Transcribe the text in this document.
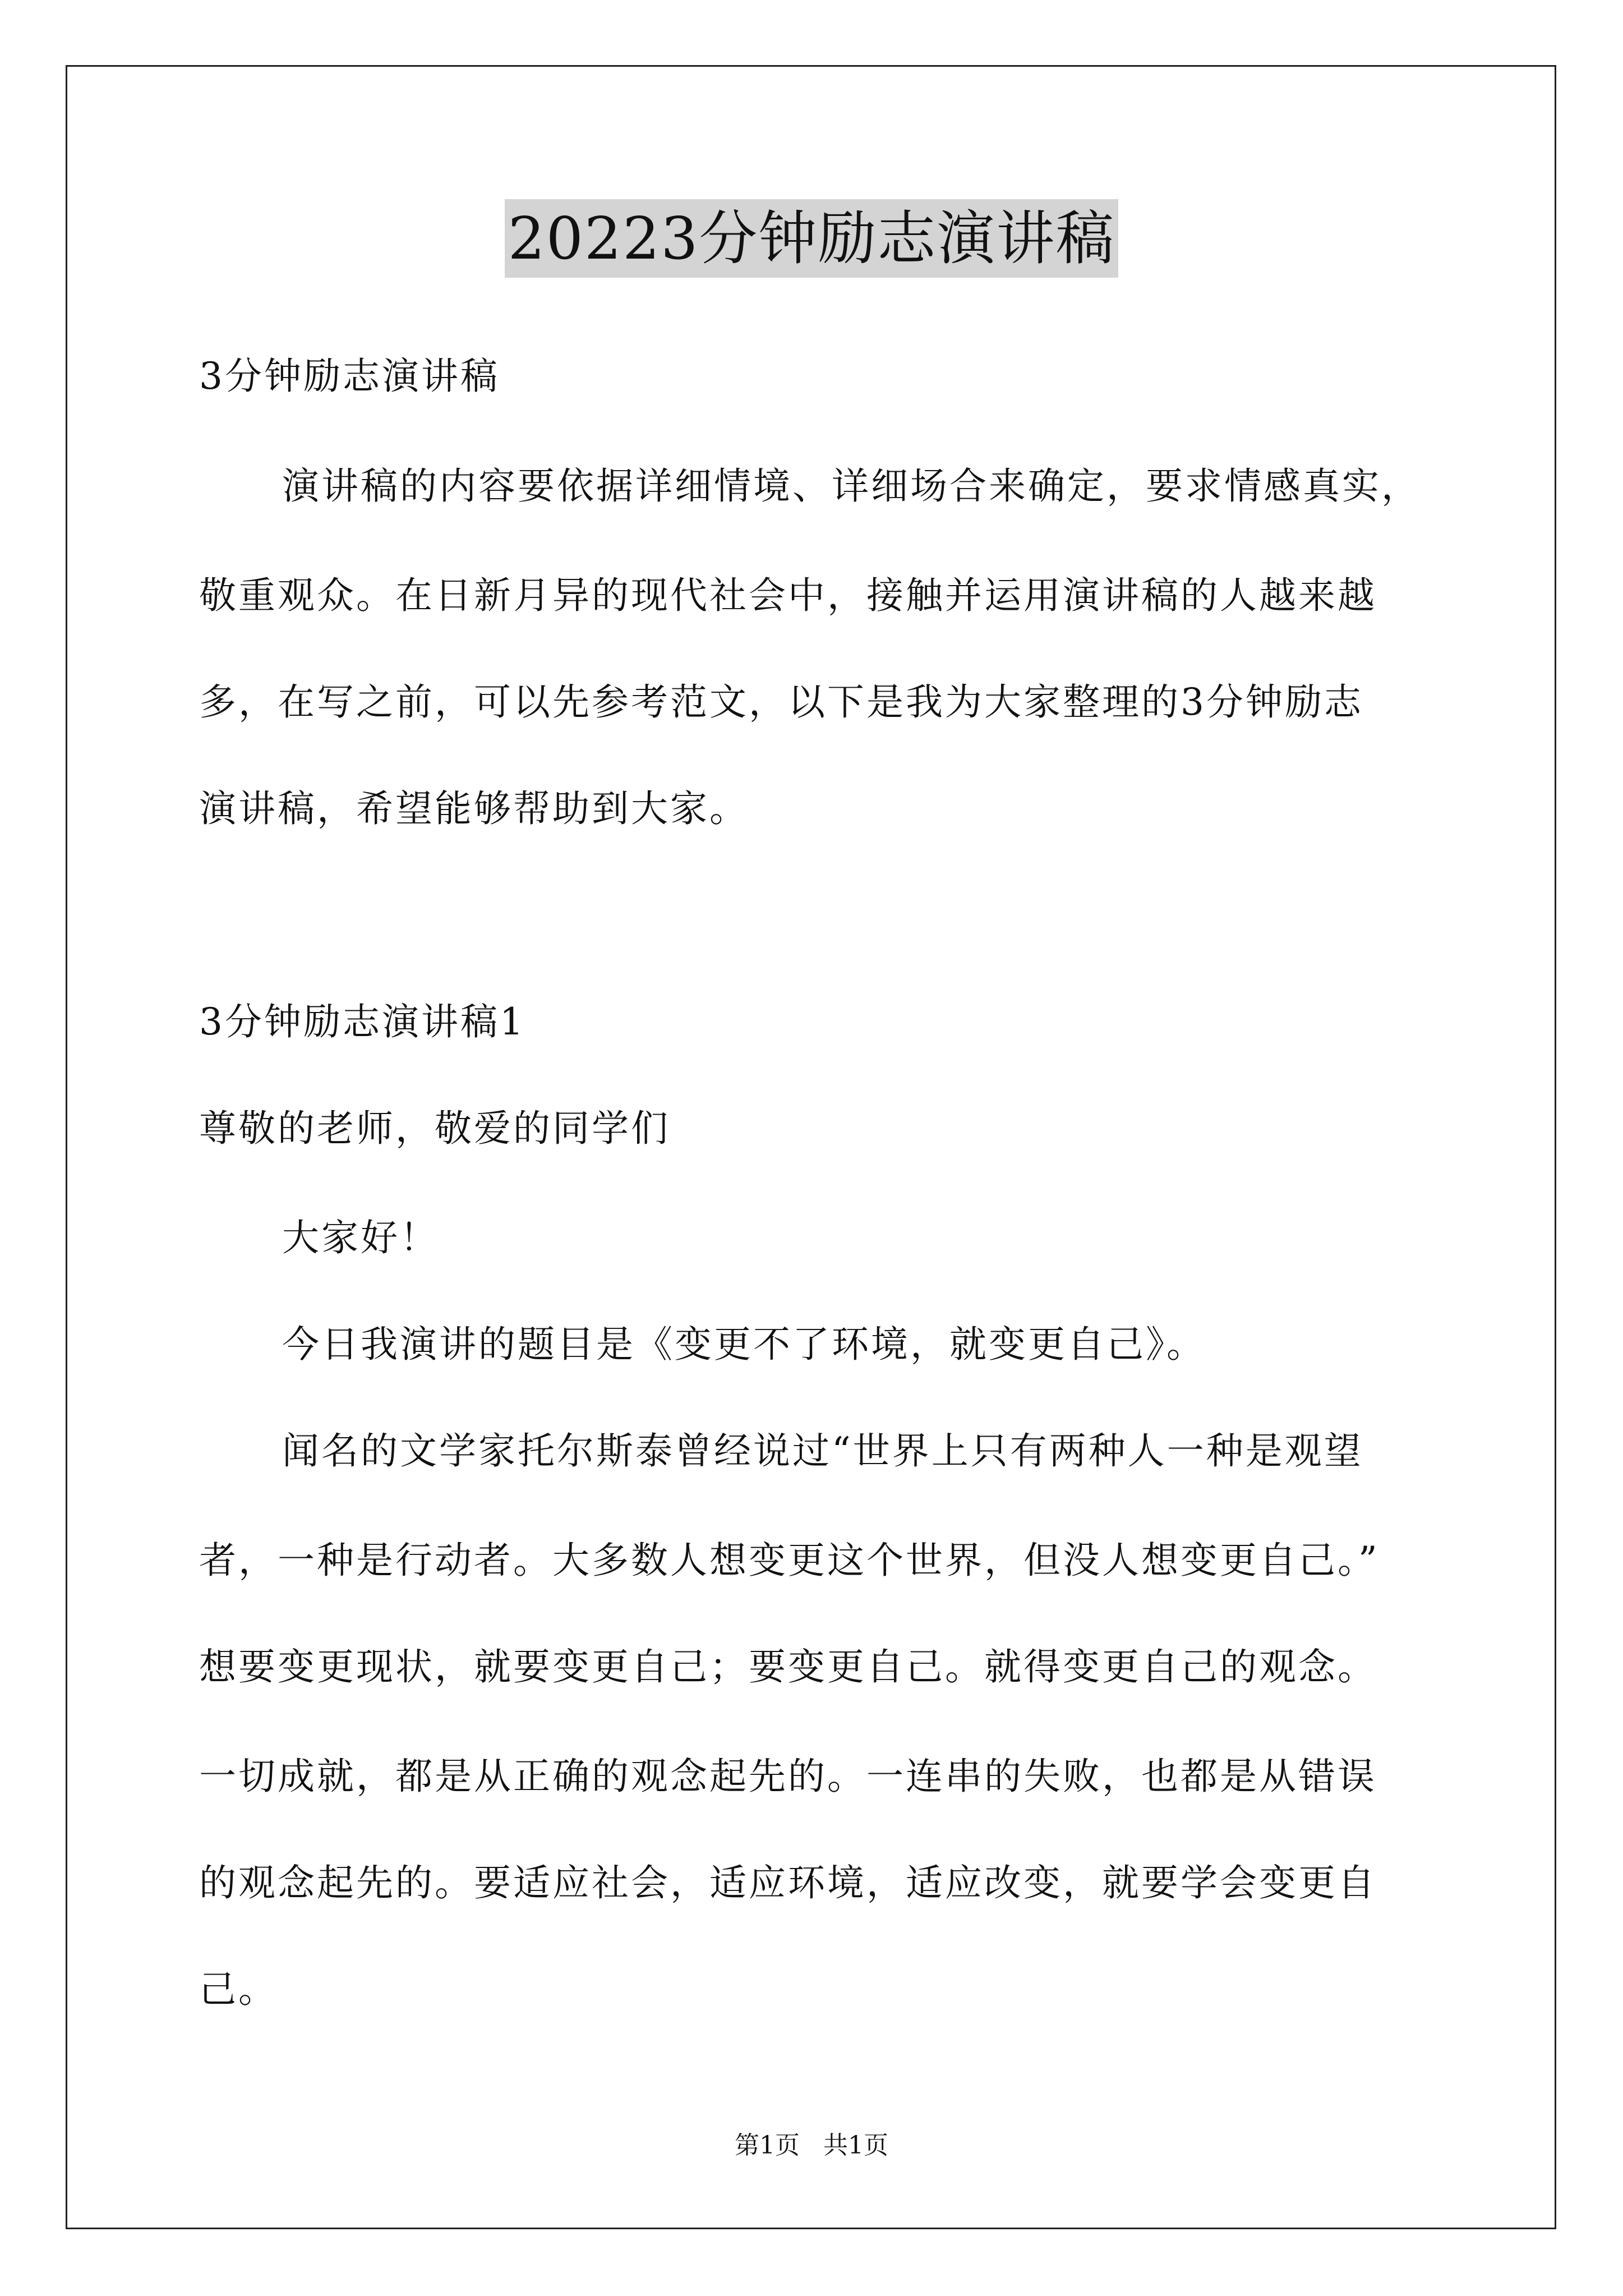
20223分钟励志演讲稿
3分钟励志演讲稿
演讲稿的内容要依据详细情境、详细场合来确定，要求情感真实，
敬重观众。在日新月异的现代社会中，接触并运用演讲稿的人越来越
多，在写之前，可以先参考范文，以下是我为大家整理的3分钟励志
演讲稿，希望能够帮助到大家。
3分钟励志演讲稿1
尊敬的老师，敬爱的同学们
大家好！
今日我演讲的题目是《变更不了环境，就变更自己》。
闻名的文学家托尔斯泰曾经说过“世界上只有两种人一种是观望
者，一种是行动者。大多数人想变更这个世界，但没人想变更自己。”
想要变更现状，就要变更自己；要变更自己。就得变更自己的观念。
一切成就，都是从正确的观念起先的。一连串的失败，也都是从错误
的观念起先的。要适应社会，适应环境，适应改变，就要学会变更自
己。
第1页 共1页
